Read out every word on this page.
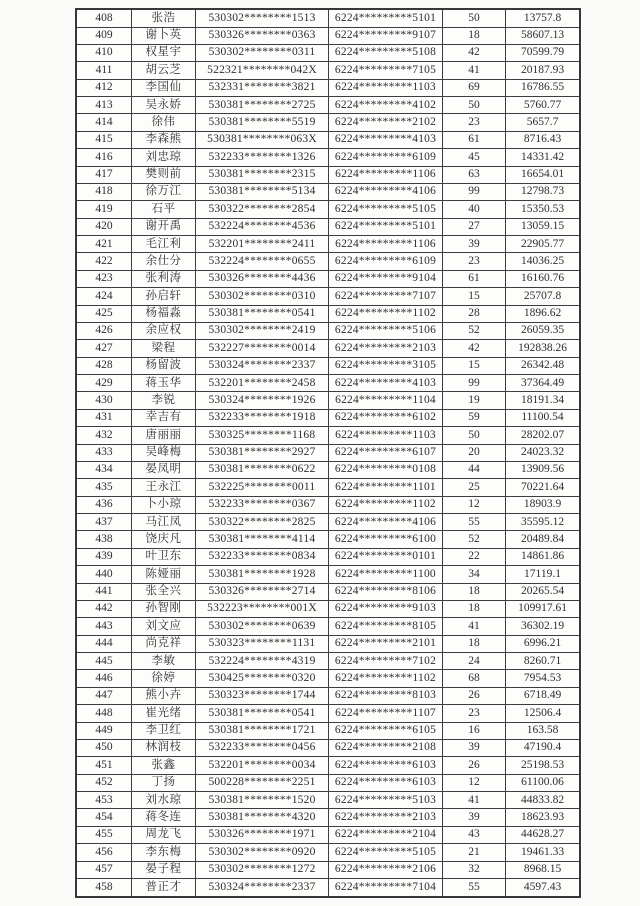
408	张浩	530302********1513	6224*********5101	50	13757.8
409	谢卜英	530326********0363	6224*********9107	18	58607.13
410	权星宇	530302********0311	6224*********5108	42	70599.79
411	胡云芝	522321********042X	6224*********7105	41	20187.93
412	李国仙	532331********3821	6224*********1103	69	16786.55
413	吴永娇	530381********2725	6224*********4102	50	5760.77
414	徐伟	530381********5519	6224*********2102	23	5657.7
415	李森熊	530381********063X	6224*********4103	61	8716.43
416	刘忠琼	532233********1326	6224*********6109	45	14331.42
417	樊则前	530381********2315	6224*********1106	63	16654.01
418	徐万江	530381********5134	6224*********4106	99	12798.73
419	石平	530322********2854	6224*********5105	40	15350.53
420	谢开禹	532224********4536	6224*********5101	27	13059.15
421	毛江利	532201********2411	6224*********1106	39	22905.77
422	余仕分	532224********0655	6224*********6109	23	14036.25
423	张利涛	530326********4436	6224*********9104	61	16160.76
424	孙启轩	530302********0310	6224*********7107	15	25707.8
425	杨福淼	530381********0541	6224*********1102	28	1896.62
426	余应权	530302********2419	6224*********5106	52	26059.35
427	梁程	532227********0014	6224*********2103	42	192838.26
428	杨留波	530324********2337	6224*********3105	15	26342.48
429	蒋玉华	532201********2458	6224*********4103	99	37364.49
430	李锐	530324********1926	6224*********1104	19	18191.34
431	幸吉有	532233********1918	6224*********6102	59	11100.54
432	唐丽丽	530325********1168	6224*********1103	50	28202.07
433	吴峰梅	530381********2927	6224*********6107	20	24023.32
434	晏凤明	530381********0622	6224*********0108	44	13909.56
435	王永江	532225********0011	6224*********1101	25	70221.64
436	卜小琼	532233********0367	6224*********1102	12	18903.9
437	马江凤	530322********2825	6224*********4106	55	35595.12
438	饶庆凡	530381********4114	6224*********6100	52	20489.84
439	叶卫东	532233********0834	6224*********0101	22	14861.86
440	陈娅丽	530381********1928	6224*********1100	34	17119.1
441	张全兴	530326********2714	6224*********8106	18	20265.54
442	孙智刚	532223********001X	6224*********9103	18	109917.61
443	刘文应	530302********0639	6224*********8105	41	36302.19
444	尚克祥	530323********1131	6224*********2101	18	6996.21
445	李敏	532224********4319	6224*********7102	24	8260.71
446	徐婷	530425********0320	6224*********1102	68	7954.53
447	熊小卉	530323********1744	6224*********8103	26	6718.49
448	崔光绪	530381********0541	6224*********1107	23	12506.4
449	李卫红	530381********1721	6224*********6105	16	163.58
450	林润枝	532233********0456	6224*********2108	39	47190.4
451	张鑫	532201********0034	6224*********6103	26	25198.53
452	丁扬	500228********2251	6224*********6103	12	61100.06
453	刘水琼	530381********1520	6224*********5103	41	44833.82
454	蒋冬连	530381********4320	6224*********2103	39	18623.93
455	周龙飞	530326********1971	6224*********2104	43	44628.27
456	李东梅	530302********0920	6224*********5105	21	19461.33
457	晏子程	530302********1272	6224*********2106	32	8968.15
458	普正才	530324********2337	6224*********7104	55	4597.43
